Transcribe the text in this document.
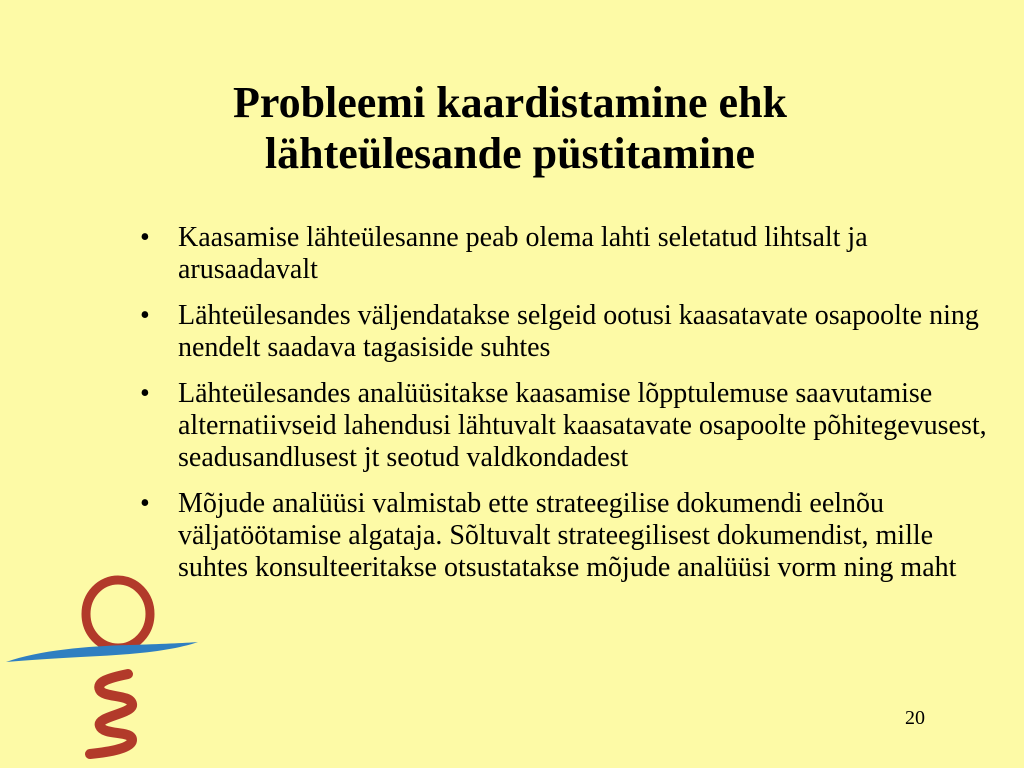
Probleemi kaardistamine ehk
lähteülesande püstitamine
•	Kaasamise lähteülesanne peab olema lahti seletatud lihtsalt ja arusaadavalt
•	Lähteülesandes väljendatakse selgeid ootusi kaasatavate osapoolte ning nendelt saadava tagasiside suhtes
•	Lähteülesandes analüüsitakse kaasamise lõpptulemuse saavutamise alternatiivseid lahendusi lähtuvalt kaasatavate osapoolte põhitegevusest, seadusandlusest jt seotud valdkondadest
•	Mõjude analüüsi valmistab ette strateegilise dokumendi eelnõu väljatöötamise algataja. Sõltuvalt strateegilisest dokumendist, mille suhtes konsulteeritakse otsustatakse mõjude analüüsi vorm ning maht
20
